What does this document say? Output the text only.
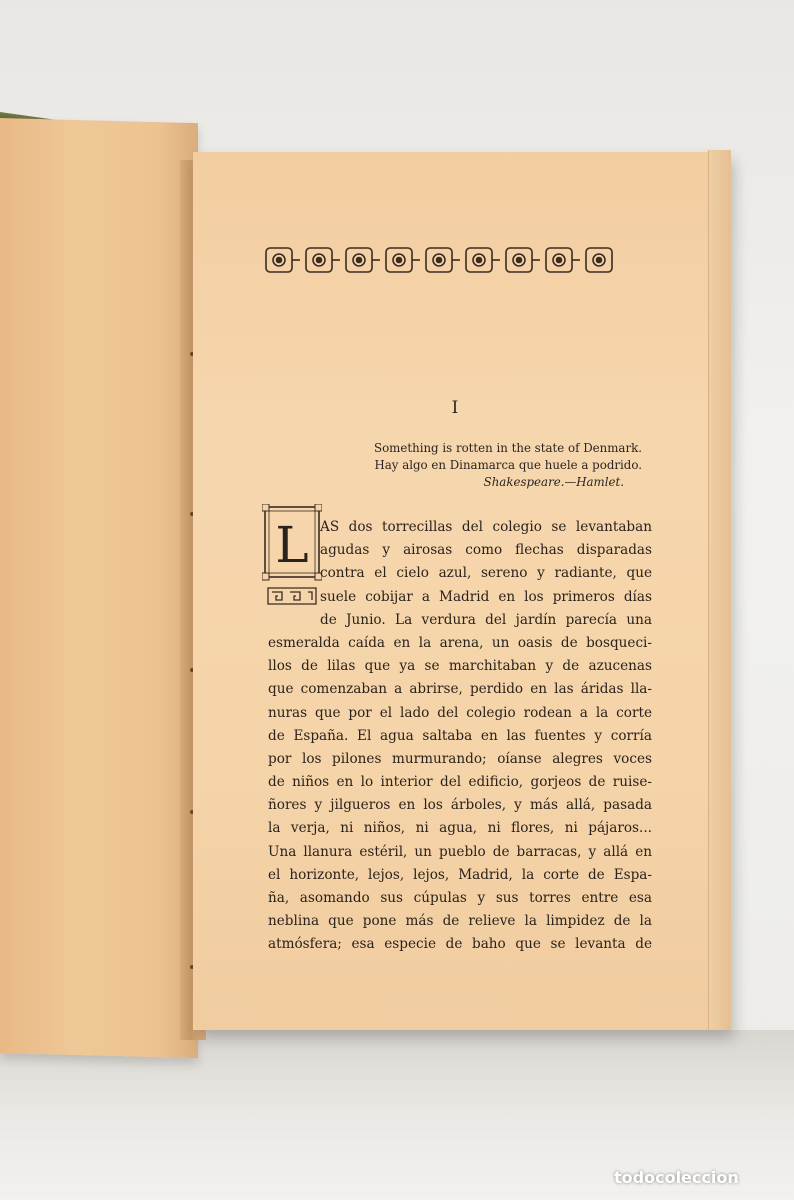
I
Something is rotten in the state of Denmark.
Hay algo en Dinamarca que huele a podrido.
Shakespeare.—Hamlet.
L AS dos torrecillas del colegio se levantaban
agudas y airosas como flechas disparadas
contra el cielo azul, sereno y radiante, que
suele cobijar a Madrid en los primeros días
de Junio. La verdura del jardín parecía una
esmeralda caída en la arena, un oasis de bosqueci-
llos de lilas que ya se marchitaban y de azucenas
que comenzaban a abrirse, perdido en las áridas lla-
nuras que por el lado del colegio rodean a la corte
de España. El agua saltaba en las fuentes y corría
por los pilones murmurando; oíanse alegres voces
de niños en lo interior del edificio, gorjeos de ruise-
ñores y jilgueros en los árboles, y más allá, pasada
la verja, ni niños, ni agua, ni flores, ni pájaros...
Una llanura estéril, un pueblo de barracas, y allá en
el horizonte, lejos, lejos, Madrid, la corte de Espa-
ña, asomando sus cúpulas y sus torres entre esa
neblina que pone más de relieve la limpidez de la
atmósfera; esa especie de baho que se levanta de
todocoleccion
